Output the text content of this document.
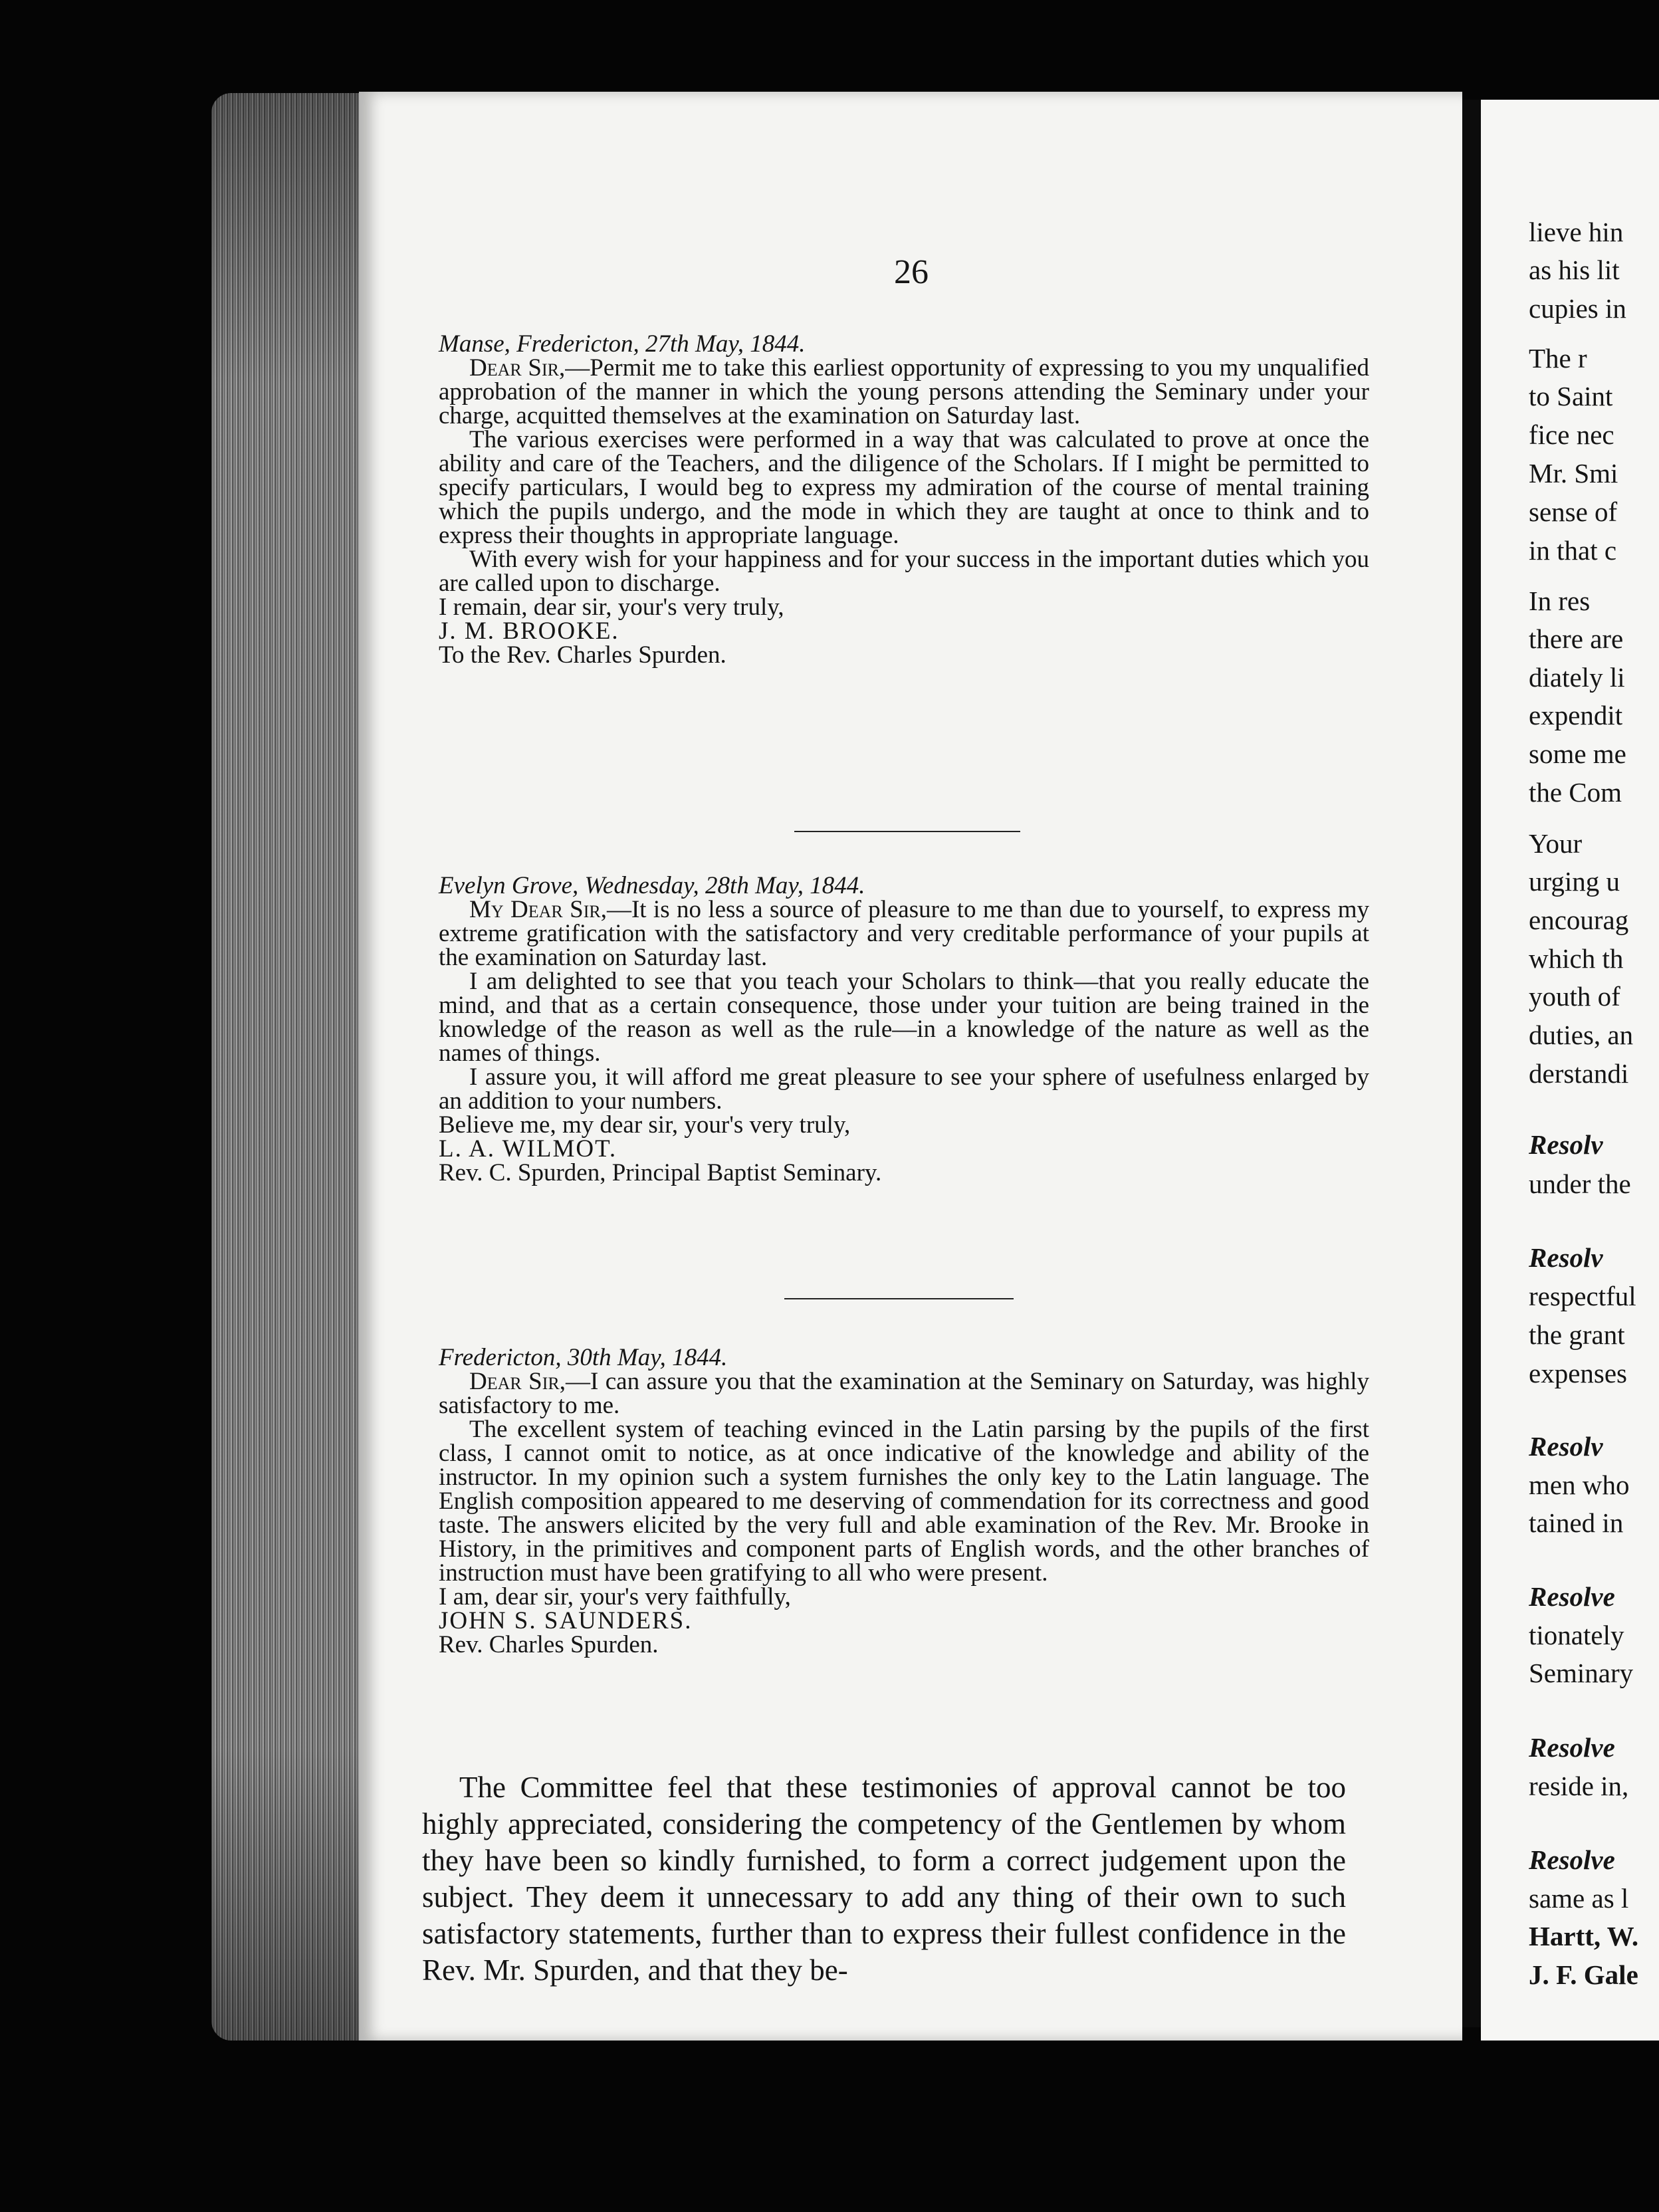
lieve hin
as his lit
cupies in
The r
to Saint
fice nec
Mr. Smi
sense of
in that c
In res
there are
diately li
expendit
some me
the Com
Your
urging u
encourag
which th
youth of
duties, an
derstandi
Resolv
under the
Resolv
respectful
the grant
expenses
Resolv
men who
tained in
Resolve
tionately
Seminary
Resolve
reside in,
Resolve
same as l
Hartt, W.
J. F. Gale
26

Manse, Fredericton, 27th May, 1844.

Dear Sir,—Permit me to take this earliest opportunity of expressing to you my unqualified approbation of the manner in which the young persons attending the Seminary under your charge, acquitted themselves at the examination on Saturday last.

The various exercises were performed in a way that was calculated to prove at once the ability and care of the Teachers, and the diligence of the Scholars. If I might be permitted to specify particulars, I would beg to express my admiration of the course of mental training which the pupils undergo, and the mode in which they are taught at once to think and to express their thoughts in appropriate language.

With every wish for your happiness and for your success in the important duties which you are called upon to discharge.

I remain, dear sir, your's very truly,

J. M. BROOKE.

To the Rev. Charles Spurden.

Evelyn Grove, Wednesday, 28th May, 1844.

My Dear Sir,—It is no less a source of pleasure to me than due to yourself, to express my extreme gratification with the satisfactory and very creditable performance of your pupils at the examination on Saturday last.

I am delighted to see that you teach your Scholars to think—that you really educate the mind, and that as a certain consequence, those under your tuition are being trained in the knowledge of the reason as well as the rule—in a knowledge of the nature as well as the names of things.

I assure you, it will afford me great pleasure to see your sphere of usefulness enlarged by an addition to your numbers.

Believe me, my dear sir, your's very truly,

L. A. WILMOT.

Rev. C. Spurden, Principal Baptist Seminary.

Fredericton, 30th May, 1844.

Dear Sir,—I can assure you that the examination at the Seminary on Saturday, was highly satisfactory to me.

The excellent system of teaching evinced in the Latin parsing by the pupils of the first class, I cannot omit to notice, as at once indicative of the knowledge and ability of the instructor. In my opinion such a system furnishes the only key to the Latin language. The English composition appeared to me deserving of commendation for its correctness and good taste. The answers elicited by the very full and able examination of the Rev. Mr. Brooke in History, in the primitives and component parts of English words, and the other branches of instruction must have been gratifying to all who were present.

I am, dear sir, your's very faithfully,

JOHN S. SAUNDERS.

Rev. Charles Spurden.

The Committee feel that these testimonies of approval cannot be too highly appreciated, considering the competency of the Gentlemen by whom they have been so kindly furnished, to form a correct judgement upon the subject. They deem it unnecessary to add any thing of their own to such satisfactory statements, further than to express their fullest confidence in the Rev. Mr. Spurden, and that they be-
